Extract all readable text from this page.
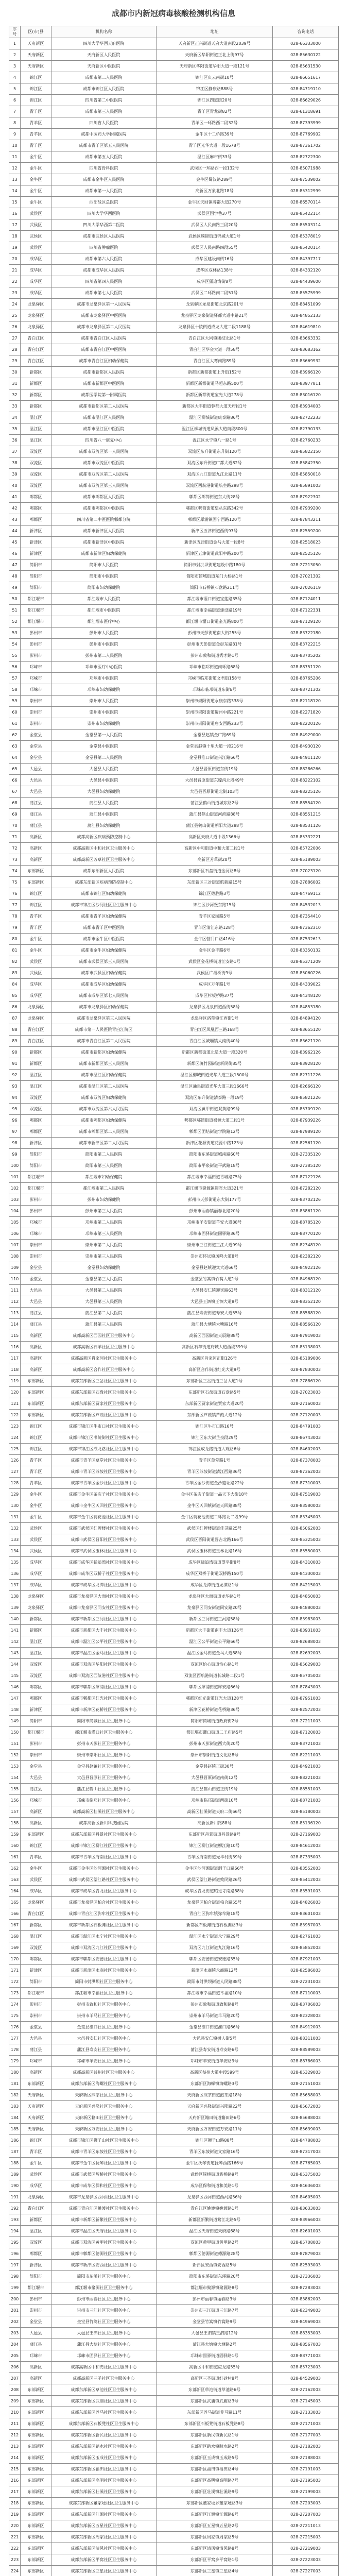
成都市内新冠病毒核酸检测机构信息
序号	区(市)县	机构名称	地址	咨询电话
1	天府新区	四川大学华西天府医院	天府新区正兴街道天府大道南段2039号	028-66333000
2	天府新区	天府新区人民医院	天府新区华阳街道正北上街97号	028-85630122
3	天府新区	天府新区中医医院	天府新区华阳街道华阳大道一段121号	028-85631530
4	锦江区	成都市第二人民医院	锦江区庆云南街10号	028-86651617
5	锦江区	成都市锦江区人民医院	锦江区静康路888号	028-84719110
6	锦江区	四川省第二中医医院	锦江区四道街20号	028-86629026
7	青羊区	成都市第三人民医院	青羊区青龙街82号	028-61318691
8	青羊区	四川省人民医院	青羊区一环路西二段32号	028-87393999
9	青羊区	成都中医药大学附属医院	金牛区十二桥路39号	028-87769902
10	青羊区	成都市青羊区第五人民医院	青羊区光华大道一段1678号	028-87361702
11	金牛区	成都市第五人民医院	温江区麻市街33号	028-82722300
12	金牛区	四川省骨科医院	武侯区一环路西一段132号	028-85071988
13	金牛区	成都市金牛区人民医院	金牛区蜀汉路289号	028-87539002
14	金牛区	成都市第一人民医院	高新区万象北路18号	028-85312999
15	金牛区	西部战区总医院	金牛区天回镇蓉都大道270号	028-86570114
16	武侯区	四川大学华西医院	武侯区国学巷37号	028-85422114
17	武侯区	四川大学华西第二医院	武侯区人民南路三段20号	028-85503114
18	武侯区	成都市武侯区人民医院	武侯区簇锦街道锦城大道1号	028-85378019
19	武侯区	四川省肿瘤医院	武侯区人民南路四段55号	028-85420114
20	成华区	成都市第六人民医院	成华区建设南街16号	028-84397717
21	成华区	成都市成华区人民医院	成华区双林路138号	028-84332120
22	成华区	四川省第四人民医院	成华区猛追湾街8号	028-84439600
23	成华区	成都市第七人民医院	武侯区二环路南二段51号	028-85575999
24	龙泉驿区	成都市龙泉驿区第一人民医院	龙泉驿区龙泉街道北京路201号	028-88451099
25	龙泉驿区	成都市龙泉驿区中医医院	龙泉驿区龙泉街道驿都大道中路21号	028-84852133
26	龙泉驿区	成都市龙泉驿区第二人民医院	龙泉驿区十陵街道成龙大道二段1188号	028-84619810
27	青白江区	成都市青白江区人民医院	青白江区大同镇团结北路1号	028-83663332
28	青白江区	成都市青白江区中医医院	青白江区华金大道一段58号	028-83683162
29	青白江区	成都市青白江区妇幼保健院	青白江区大弯南路89号	028-83669932
30	新都区	成都市新都区人民医院	新都区新都街道上升街152号	028-83966120
31	新都区	成都市新都区中医医院	新都区新都街道马超东路500号	028-83977811
32	新都区	成都医学院第一附属医院	新都区新都街道宝光大道278号	028-83016120
33	新都区	成都市新都区第二人民医院	新都区大丰街道蓉都大道天府段1号	028-83934003
34	温江区	成都市温江区人民医院	温江区柳城街道康泰路86号	028-82722233
35	温江区	成都市温江区中医医院	温江区柳城街道凤溪大道南段800号	028-82790133
36	温江区	四川省八一康复中心	温江区永宁镇八一路1号	028-82760233
37	双流区	成都市双流区第一人民医院	双流区东升街道东升街120号	028-85822150
38	双流区	成都市双流区中医医院	双流区东升街道广都大道82号	028-85842350
39	双流区	成都市双流区第二人民医院	双流区九江街道九江北路11号	028-85850018
40	双流区	成都市双流区第三人民医院	双流区西航港街道航空路298号	028-85891003
41	郫都区	成都市郫都区人民医院	郫都区郫筒街道东大街28号	028-87922302
42	郫都区	成都市郫都区中医医院	郫都区郫筒街道望丛东路342号	028-87939200
43	郫都区	四川省第二中医医院郫都分院	郫都区犀浦镇国宁西路120号	028-87843211
44	新津区	成都市新津区人民医院	新津区五津街道西街97号	028-82559200
45	新津区	成都市新津区中医医院	新津区五津街道金马大道一段8号	028-82518023
46	新津区	成都市新津区妇幼保健院	新津区五津街道武阳中路200号	028-82525126
47	简阳市	简阳市人民医院	简阳市射洪坝街道建设中路180号	028-27213050
48	简阳市	简阳市中医医院	简阳市简城街道东门大桥路1号	028-27021302
49	简阳市	简阳市妇幼保健院	简阳市石桥镇石盘路211号	028-27026119
50	都江堰市	都江堰市人民医院	都江堰市灌口街道宝莲路35号	028-87124011
51	都江堰市	都江堰市中医医院	都江堰市幸福街道建设路19号	028-87122331
52	都江堰市	都江堰市医疗中心	都江堰市灌口街道奎光路800号	028-87129120
53	彭州市	彭州市人民医院	彭州市天彭街道南大街255号	028-83722180
54	彭州市	彭州市中医医院	彭州市天彭街道金彭东路81号	028-83722215
55	彭州市	彭州市第二人民医院	彭州市致和街道秀才路1号	028-83705202
56	邛崃市	邛崃市医疗中心医院	邛崃市临邛街道南环路68号	028-88751120
57	邛崃市	邛崃市中医医院	邛崃市临邛街道文君街158号	028-88765206
58	邛崃市	邛崃市妇幼保健院	邛崃市临邛街道东街6号	028-88721302
59	崇州市	崇州市人民医院	崇州市崇阳街道永康东路338号	028-82118120
60	崇州市	崇州市中医医院	崇州市崇阳街道蜀州中路221号	028-82271820
61	崇州市	崇州市妇幼保健院	崇州市崇阳街道唐安西路233号	028-82220126
62	金堂县	金堂县第一人民医院	金堂县赵镇金广路69号	028-84929000
63	金堂县	金堂县中医医院	金堂县赵镇十里大道一段216号	028-84930120
64	金堂县	金堂县第二人民医院	金堂县淮口街道兴江路66号	028-84911120
65	大邑县	大邑县人民医院	大邑县晋原街道东街19号	028-88286266
66	大邑县	大邑县中医医院	大邑县晋原街道东壕沟北段49号	028-88222102
67	大邑县	大邑县妇幼保健院	大邑县晋原街道北街103号	028-88225126
68	蒲江县	蒲江县人民医院	蒲江县鹤山街道城东路2号	028-88554120
69	蒲江县	蒲江县中医医院	蒲江县鹤山街道河滨路88号	028-88551215
70	蒲江县	蒲江县妇幼保健院	蒲江县鹤山街道朝阳大道288号	028-88531126
71	高新区	成都高新区疾病预防控制中心	高新区天府大道中段1366号	028-85332221
72	高新区	成都高新区中和社区卫生服务中心	高新区中和街道中和大道二段1号	028-85722006
73	高新区	成都高新区芳草社区卫生服务中心	高新区芳草街20号	028-85189003
74	东部新区	成都东部新区人民医院	东部新区石盘街道金河路8号	028-27023120
75	东部新区	成都东部新区疾病预防控制中心	东部新区三岔街道航新路15号	028-27886002
76	锦江区	成都市锦江区妇幼保健院	锦江区德胜路3号	028-84769112
77	锦江区	成都市锦江区沙河社区卫生服务中心	锦江区沙河堡东路15号	028-84532013
78	青羊区	成都市青羊区妇幼保健院	青羊区家园路5号	028-87354410
79	青羊区	成都市青羊区中医医院	青羊区清江东路128号	028-87362310
80	金牛区	成都市金牛区中医医院	金牛区营门口路416号	028-87532613
81	金牛区	成都市金牛区妇幼保健院	金牛区金丰路6号	028-83350132
82	武侯区	成都市武侯区第三人民医院	武侯区金花桥街道江安路1号	028-85371209
83	武侯区	成都市武侯区妇幼保健院	武侯区广福桥街9号	028-85060226
84	成华区	成都市成华区妇幼保健院	成华区万年路1号	028-84339022
85	成华区	成都市成华区第七人民医院	成华区杉板桥路37号	028-84348120
86	龙泉驿区	成都市龙泉驿区妇幼保健院	龙泉驿区龙泉街道西街58号	028-84853180
87	龙泉驿区	成都市龙泉驿区第三人民医院	龙泉驿区洛带镇江西街1号	028-84894120
88	青白江区	成都市第一人民医院青白江院区	青白江区凤凰西三路168号	028-83655120
89	青白江区	成都市青白江区第二人民医院	青白江区城厢镇大南街40号	028-83621120
90	新都区	成都市新都区妇幼保健院	新都区新都街道北星大道一段320号	028-83962126
91	新都区	成都市新都区第三人民医院	新都区斑竹园街道新民街85号	028-83928120
92	温江区	成都市温江区妇幼保健院	温江区柳城街道光华大道三段1500号	028-82711226
93	温江区	成都市温江区第二人民医院	温江区涌泉街道光华大道三段1666号	028-82666120
94	双流区	成都市双流区妇幼保健院	双流区东升街道清泰路一段19号	028-85821226
95	双流区	成都市双流区第六人民医院	双流区黄甲街道双黄路99号	028-85709120
96	郫都区	成都市郫都区妇幼保健院	郫都区郫筒街道蜀源大道二段1号	028-87939226
97	郫都区	成都市郫都区第二人民医院	郫都区团结街道学院路12号	028-87989120
98	新津区	成都市新津区第二人民医院	新津区花源街道花源中路123号	028-82561120
99	简阳市	简阳市第二人民医院	简阳市东溪街道城南路60号	028-27335120
100	简阳市	简阳市第三人民医院	简阳市平泉街道平武路18号	028-27385120
101	都江堰市	都江堰市妇幼保健院	都江堰市幸福街道青城路75号	028-87122126
102	都江堰市	都江堰市第二人民医院	都江堰市聚源镇迎宾大道321号	028-87282120
103	彭州市	彭州市妇幼保健院	彭州市天彭街道东大街177号	028-83702126
104	彭州市	彭州市第三人民医院	彭州市丽春镇丽春北路20号	028-83861120
105	邛崃市	邛崃市第二人民医院	邛崃市羊安街道羊安大道88号	028-88785120
106	邛崃市	邛崃市第三人民医院	邛崃市固驿街道固驿路36号	028-88770120
107	崇州市	崇州市第二人民医院	崇州市三江街道三江大道99号	028-82348120
108	崇州市	崇州市第三人民医院	崇州市怀远镇凤鸣大道8号	028-82382120
109	金堂县	金堂县妇幼保健院	金堂县赵镇迎宾大道66号	028-84922126
110	金堂县	金堂县第三人民医院	金堂县竹篙镇竹篙大道1号	028-84968120
111	大邑县	大邑县第二人民医院	大邑县安仁镇迎宾路63号	028-88312120
112	大邑县	大邑县第三人民医院	大邑县王泗镇王泗大道8号	028-88352120
113	蒲江县	蒲江县第二人民医院	蒲江县寿安街道寿安大道55号	028-88588120
114	蒲江县	蒲江县第三人民医院	蒲江县大塘镇大塘路16号	028-88566120
115	高新区	成都高新区西园社区卫生服务中心	高新区西园街道天辰路88号	028-87919003
116	高新区	成都高新区石羊社区卫生服务中心	高新区石羊街道府城大道西段399号	028-85138003
117	高新区	成都高新区肖家河社区卫生服务中心	高新区肖家河正街126号	028-85189006
118	高新区	成都高新区合作社区卫生服务中心	高新区合作街道红光大道9号	028-87830003
119	东部新区	成都东部新区三岔社区卫生服务中心	东部新区三岔街道三岔大道1号	028-27886120
120	东部新区	成都东部新区石盘社区卫生服务中心	东部新区石盘街道石盘路5号	028-27023003
121	东部新区	成都东部新区贾家社区卫生服务中心	东部新区贾家街道贾家大道20号	028-27160003
122	东部新区	成都东部新区芦葭社区卫生服务中心	东部新区芦葭镇芦葭大道12号	028-27120003
123	锦江区	成都市锦江区牛市口社区卫生服务中心	锦江区牛市口路16号	028-84791003
124	锦江区	成都市锦江区书院街社区卫生服务中心	锦江区东大街芷泉段29号	028-86743003
125	锦江区	成都市锦江区成龙路社区卫生服务中心	锦江区成龙路街道大观路6号	028-84602003
126	青羊区	成都市青羊区草堂社区卫生服务中心	青羊区草堂路1号	028-87378003
127	青羊区	成都市青羊区苏坡社区卫生服务中心	青羊区苏坡街道清江西路36号	028-87362003
128	青羊区	成都市青羊区金沙社区卫生服务中心	青羊区金沙街道金沙遗址路22号	028-87310003
129	金牛区	成都市金牛区茶店子社区卫生服务中心	金牛区茶店子街道一品天下大街18号	028-87519003
130	金牛区	成都市金牛区天回社区卫生服务中心	金牛区天回镇街道天回路88号	028-83580003
131	金牛区	成都市金牛区荷花池社区卫生服务中心	金牛区荷花池街道二环路北二段99号	028-83345003
132	武侯区	成都市武侯区红牌楼社区卫生服务中心	武侯区红牌楼街道佳灵路25号	028-85062003
133	武侯区	成都市武侯区晋阳社区卫生服务中心	武侯区晋阳街道晋吉北路166号	028-85325003
134	武侯区	成都市武侯区玉林社区卫生服务中心	武侯区玉林街道玉林北路16号	028-85550003
135	成华区	成都市成华区猛追湾社区卫生服务中心	成华区猛追湾街道望平街8号	028-84310003
136	成华区	成都市成华区双桥子社区卫生服务中心	成华区双桥子街道双桥路150号	028-84330003
137	成华区	成都市成华区龙潭社区卫生服务中心	成华区龙潭街道龙潭路1号	028-84215003
138	龙泉驿区	成都市龙泉驿区大面社区卫生服务中心	龙泉驿区大面街道龙华路1号	028-84850003
139	龙泉驿区	成都市龙泉驿区同安社区卫生服务中心	龙泉驿区同安街道同安路20号	028-84880003
140	新都区	成都市新都区三河社区卫生服务中心	新都区三河街道三河路58号	028-83983003
141	新都区	成都市新都区大丰社区卫生服务中心	新都区大丰街道南丰大道126号	028-83931003
142	温江区	成都市温江区公平社区卫生服务中心	温江区公平街道公平路66号	028-82688003
143	温江区	成都市温江区金马社区卫生服务中心	温江区金马街道金马大道88号	028-82692003
144	双流区	成都市双流区华阳社区卫生服务中心	双流区怡心街道怡心路1号	028-85629003
145	双流区	成都市双流区西航港社区卫生服务中心	双流区西航港街道长城路二段1号	028-85705003
146	郫都区	成都市郫都区犀浦社区卫生服务中心	郫都区犀浦街道犀安路66号	028-87843003
147	郫都区	成都市郫都区红光社区卫生服务中心	郫都区红光街道红光大道128号	028-87951003
148	新津区	成都市新津区花桥社区卫生服务中心	新津区花桥街道花桥路36号	028-82572003
149	简阳市	简阳市简城社区卫生服务中心	简阳市简城街道政府街2号	028-27211003
150	都江堰市	都江堰市灌口社区卫生服务中心	都江堰市灌口街道二王庙路5号	028-87120003
151	彭州市	彭州市天彭社区卫生服务中心	彭州市天彭街道西大街20号	028-83721003
152	崇州市	崇州市崇阳社区卫生服务中心	崇州市崇阳街道文化路8号	028-82211003
153	金堂县	金堂县赵镇社区卫生服务中心	金堂县赵镇正街30号	028-84921003
154	大邑县	大邑县晋原社区卫生服务中心	大邑县晋原街道南街12号	028-88221003
155	蒲江县	蒲江县鹤山社区卫生服务中心	蒲江县鹤山街道正街19号	028-88551003
156	邛崃市	邛崃市临邛社区卫生服务中心	邛崃市临邛街道西街10号	028-88721003
157	高新区	成都高新区桂溪社区卫生服务中心	高新区桂溪街道天府二街66号	028-85180003
158	高新区	成都高新区新川科技园医院	高新区新川路88号	028-85136120
159	东部新区	成都东部新区丹景社区卫生服务中心	东部新区丹景街道丹景路9号	028-27169003
160	锦江区	成都市锦江区柳江社区卫生服务中心	锦江区柳江街道柳江路10号	028-84612003
161	青羊区	成都市青羊区府南社区卫生服务中心	青羊区府南街道光华村街39号	028-87335003
162	金牛区	成都市金牛区沙河源社区卫生服务中心	金牛区沙河源街道洞子口路66号	028-83552003
163	武侯区	成都市武侯区望江路社区卫生服务中心	武侯区望江路街道致民路26号	028-85412003
164	成华区	成都市成华区青龙社区卫生服务中心	成华区青龙街道昭觉寺南路88号	028-83591003
165	龙泉驿区	成都市龙泉驿区柏合社区卫生服务中心	龙泉驿区柏合街道柏合路55号	028-84826003
166	青白江区	成都市青白江区弥牟社区卫生服务中心	青白江区弥牟镇弥牟路18号	028-83601003
167	新都区	成都市新都区石板滩社区卫生服务中心	新都区石板滩街道石板滩路3号	028-83957003
168	温江区	成都市温江区永宁社区卫生服务中心	温江区永宁街道永宁路29号	028-82761003
169	双流区	成都市双流区九江社区卫生服务中心	双流区九江街道九江路16号	028-85852003
170	郫都区	成都市郫都区安德社区卫生服务中心	郫都区安德街道安德路35号	028-87921003
171	新津区	成都市新津区永商社区卫生服务中心	新津区永商镇永商路12号	028-82586003
172	简阳市	简阳市射洪坝社区卫生服务中心	简阳市射洪坝街道人民路88号	028-27231003
173	都江堰市	都江堰市幸福社区卫生服务中心	都江堰市幸福街道幸福路10号	028-87110003
174	彭州市	彭州市致和社区卫生服务中心	彭州市致和街道致和路8号	028-83706003
175	崇州市	崇州市羊马社区卫生服务中心	崇州市羊马街道羊马路20号	028-82328003
176	金堂县	金堂县淮口社区卫生服务中心	金堂县淮口街道淮口路66号	028-84912003
177	大邑县	大邑县安仁社区卫生服务中心	大邑县安仁镇树人街5号	028-88311003
178	蒲江县	蒲江县寿安社区卫生服务中心	蒲江县寿安街道寿安路6号	028-88589003
179	邛崃市	邛崃市羊安社区卫生服务中心	邛崃市羊安街道羊安路9号	028-88786003
180	高新区	成都高新区益州社区卫生服务中心	高新区益州大道中段599号	028-85329003
181	东部新区	成都东部新区海螺社区卫生服务中心	东部新区海螺镇海螺路3号	028-27151003
182	天府新区	天府新区煎茶社区卫生服务中心	天府新区煎茶街道煎茶路18号	028-85658003
183	天府新区	天府新区兴隆社区卫生服务中心	天府新区兴隆街道兴隆路22号	028-85672003
184	天府新区	天府新区籍田社区卫生服务中心	天府新区籍田街道籍田路6号	028-85688003
185	天府新区	天府新区万安社区卫生服务中心	天府新区万安街道万安路11号	028-85639003
186	锦江区	成都市锦江区狮子山社区卫生服务中心	锦江区狮子山路88号	028-84788003
187	青羊区	成都市青羊区东坡社区卫生服务中心	青羊区东坡街道文家路16号	028-87317003
188	金牛区	成都市金牛区抚琴社区卫生服务中心	金牛区抚琴街道抚琴西路166号	028-87765003
189	武侯区	成都市武侯区簇桥社区卫生服务中心	武侯区簇桥街道簇桥路9号	028-85375003
190	成华区	成都市成华区保和社区卫生服务中心	成华区保和街道和美路1号	028-84636003
191	龙泉驿区	成都市龙泉驿区西河社区卫生服务中心	龙泉驿区西河街道西河路56号	028-84605003
192	青白江区	成都市青白江区姚渡社区卫生服务中心	青白江区姚渡镇姚渡路1号	028-83633003
193	新都区	成都市新都区新繁社区卫生服务中心	新都区新繁街道繁江北路5号	028-83966003
194	温江区	成都市温江区天府社区卫生服务中心	温江区天府街道天府路68号	028-82601003
195	双流区	成都市双流区黄甲社区卫生服务中心	双流区黄甲街道黄甲路2号	028-85708003
196	郫都区	成都市郫都区德源社区卫生服务中心	郫都区德源街道德源路28号	028-87879003
197	新津区	成都市新津区安西社区卫生服务中心	新津区安西镇安西路5号	028-82593003
198	简阳市	简阳市东溪社区卫生服务中心	简阳市东溪街道东溪路20号	028-27336003
199	都江堰市	都江堰市聚源社区卫生服务中心	都江堰市聚源镇聚源路8号	028-87283003
200	彭州市	彭州市丽春社区卫生服务中心	彭州市丽春镇丽春路3号	028-83862003
201	崇州市	崇州市三江社区卫生服务中心	崇州市三江街道三江路7号	028-82349003
202	金堂县	金堂县竹篙社区卫生服务中心	金堂县竹篙镇竹篙路9号	028-84969003
203	大邑县	大邑县王泗社区卫生服务中心	大邑县王泗镇王泗路12号	028-88353003
204	蒲江县	蒲江县大塘社区卫生服务中心	蒲江县大塘镇大塘路2号	028-88567003
205	邛崃市	邛崃市固驿社区卫生服务中心	邛崃市固驿街道固驿路1号	028-88771003
206	高新区	成都高新区中和湾社区卫生服务中心	高新区中和街道应龙路55号	028-85723003
207	高新区	成都高新区三圣社区卫生服务中心	高新区三圣街道红砂村8号	028-84529003
208	东部新区	成都东部新区草池社区卫生服务中心	东部新区草池街道草池路6号	028-27162003
209	东部新区	成都东部新区武庙社区卫生服务中心	东部新区武庙镇武庙路3号	028-27145003
210	东部新区	成都东部新区养马社区卫生服务中心	东部新区养马街道养马路11号	028-27133003
211	东部新区	成都东部新区石板凳社区卫生服务中心	东部新区石板凳街道石板凳路8号	028-27171003
212	东部新区	成都东部新区新民社区卫生服务中心	东部新区新民镇新民路1号	028-27177003
213	东部新区	成都东部新区踏水社区卫生服务中心	东部新区踏水镇踏水路2号	028-27182003
214	东部新区	成都东部新区玉成社区卫生服务中心	东部新区玉成镇玉成路5号	028-27188003
215	东部新区	成都东部新区福田社区卫生服务中心	东部新区福田镇福田路4号	028-27191003
216	东部新区	成都东部新区高明社区卫生服务中心	东部新区高明镇高明路7号	028-27195003
217	东部新区	成都东部新区壮溪社区卫生服务中心	东部新区壮溪镇壮溪路9号	028-27199003
218	东部新区	成都东部新区董家埂社区卫生服务中心	东部新区董家埂乡董家埂路3号	028-27203003
219	东部新区	成都东部新区江源社区卫生服务中心	东部新区江源镇江源路6号	028-27207003
220	东部新区	成都东部新区五星社区卫生服务中心	东部新区五星镇五星路2号	028-27211013
221	东部新区	成都东部新区周家社区卫生服务中心	东部新区周家镇周家路5号	028-27215003
222	东部新区	成都东部新区清风社区卫生服务中心	东部新区清风镇清风路8号	028-27219003
223	东部新区	成都东部新区平窝社区卫生服务中心	东部新区平窝乡平窝路1号	028-27223003
224	东部新区	成都东部新区三星社区卫生服务中心	东部新区三星镇三星路4号	028-27227003
